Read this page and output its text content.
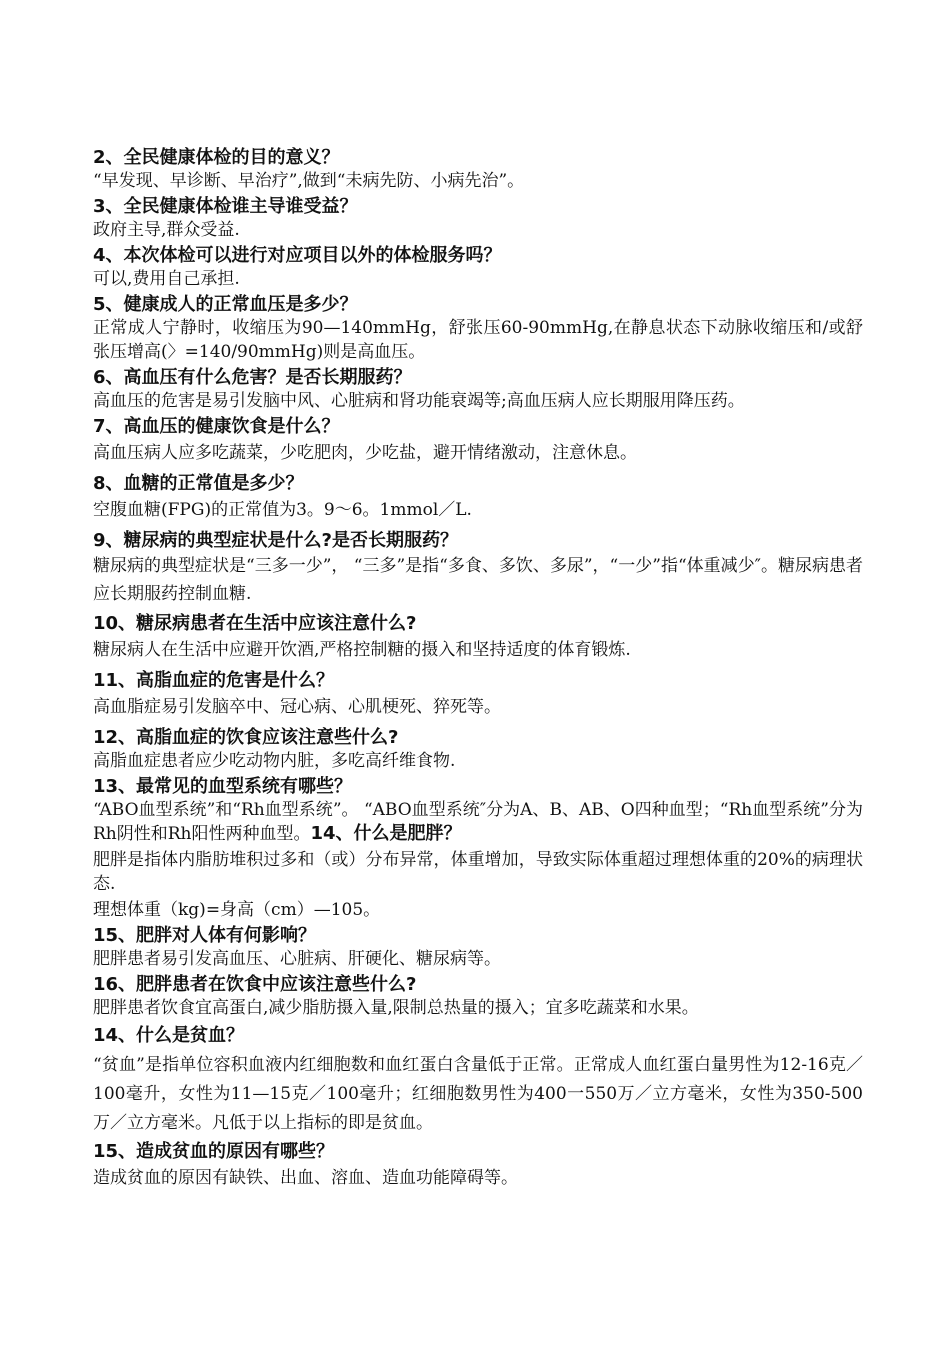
2、全民健康体检的目的意义？

“早发现、早诊断、早治疗”,做到“未病先防、小病先治”。

3、全民健康体检谁主导谁受益？

政府主导,群众受益.

4、本次体检可以进行对应项目以外的体检服务吗？

可以,费用自己承担.

5、健康成人的正常血压是多少？

正常成人宁静时，收缩压为90—140mmHg，舒张压60-90mmHg,在静息状态下动脉收缩压和/或舒张压增高(〉=140/90mmHg)则是高血压。

6、高血压有什么危害？是否长期服药？

高血压的危害是易引发脑中风、心脏病和肾功能衰竭等;高血压病人应长期服用降压药。

7、高血压的健康饮食是什么？

高血压病人应多吃蔬菜，少吃肥肉，少吃盐，避开情绪激动，注意休息。

8、血糖的正常值是多少？

空腹血糖(FPG)的正常值为3。9～6。1mmol／L.

9、糖尿病的典型症状是什么?是否长期服药？

糖尿病的典型症状是“三多一少”， “三多”是指“多食、多饮、多尿”，“一少”指“体重减少″。糖尿病患者应长期服药控制血糖.

10、糖尿病患者在生活中应该注意什么?

糖尿病人在生活中应避开饮酒,严格控制糖的摄入和坚持适度的体育锻炼.

11、高脂血症的危害是什么？

高血脂症易引发脑卒中、冠心病、心肌梗死、猝死等。

12、高脂血症的饮食应该注意些什么?

高脂血症患者应少吃动物内脏，多吃高纤维食物.

13、最常见的血型系统有哪些？

“ABO血型系统”和“Rh血型系统”。 “ABO血型系统″分为A、B、AB、O四种血型；“Rh血型系统”分为Rh阴性和Rh阳性两种血型。14、什么是肥胖？

肥胖是指体内脂肪堆积过多和（或）分布异常，体重增加，导致实际体重超过理想体重的20%的病理状态.

理想体重（kg)=身高（cm）—105。

15、肥胖对人体有何影响？

肥胖患者易引发高血压、心脏病、肝硬化、糖尿病等。

16、肥胖患者在饮食中应该注意些什么?

肥胖患者饮食宜高蛋白,减少脂肪摄入量,限制总热量的摄入；宜多吃蔬菜和水果。

14、什么是贫血？

“贫血”是指单位容积血液内红细胞数和血红蛋白含量低于正常。正常成人血红蛋白量男性为12-16克／100毫升，女性为11—15克／100毫升；红细胞数男性为400一550万／立方毫米，女性为350-500万／立方毫米。凡低于以上指标的即是贫血。

15、造成贫血的原因有哪些？

造成贫血的原因有缺铁、出血、溶血、造血功能障碍等。
